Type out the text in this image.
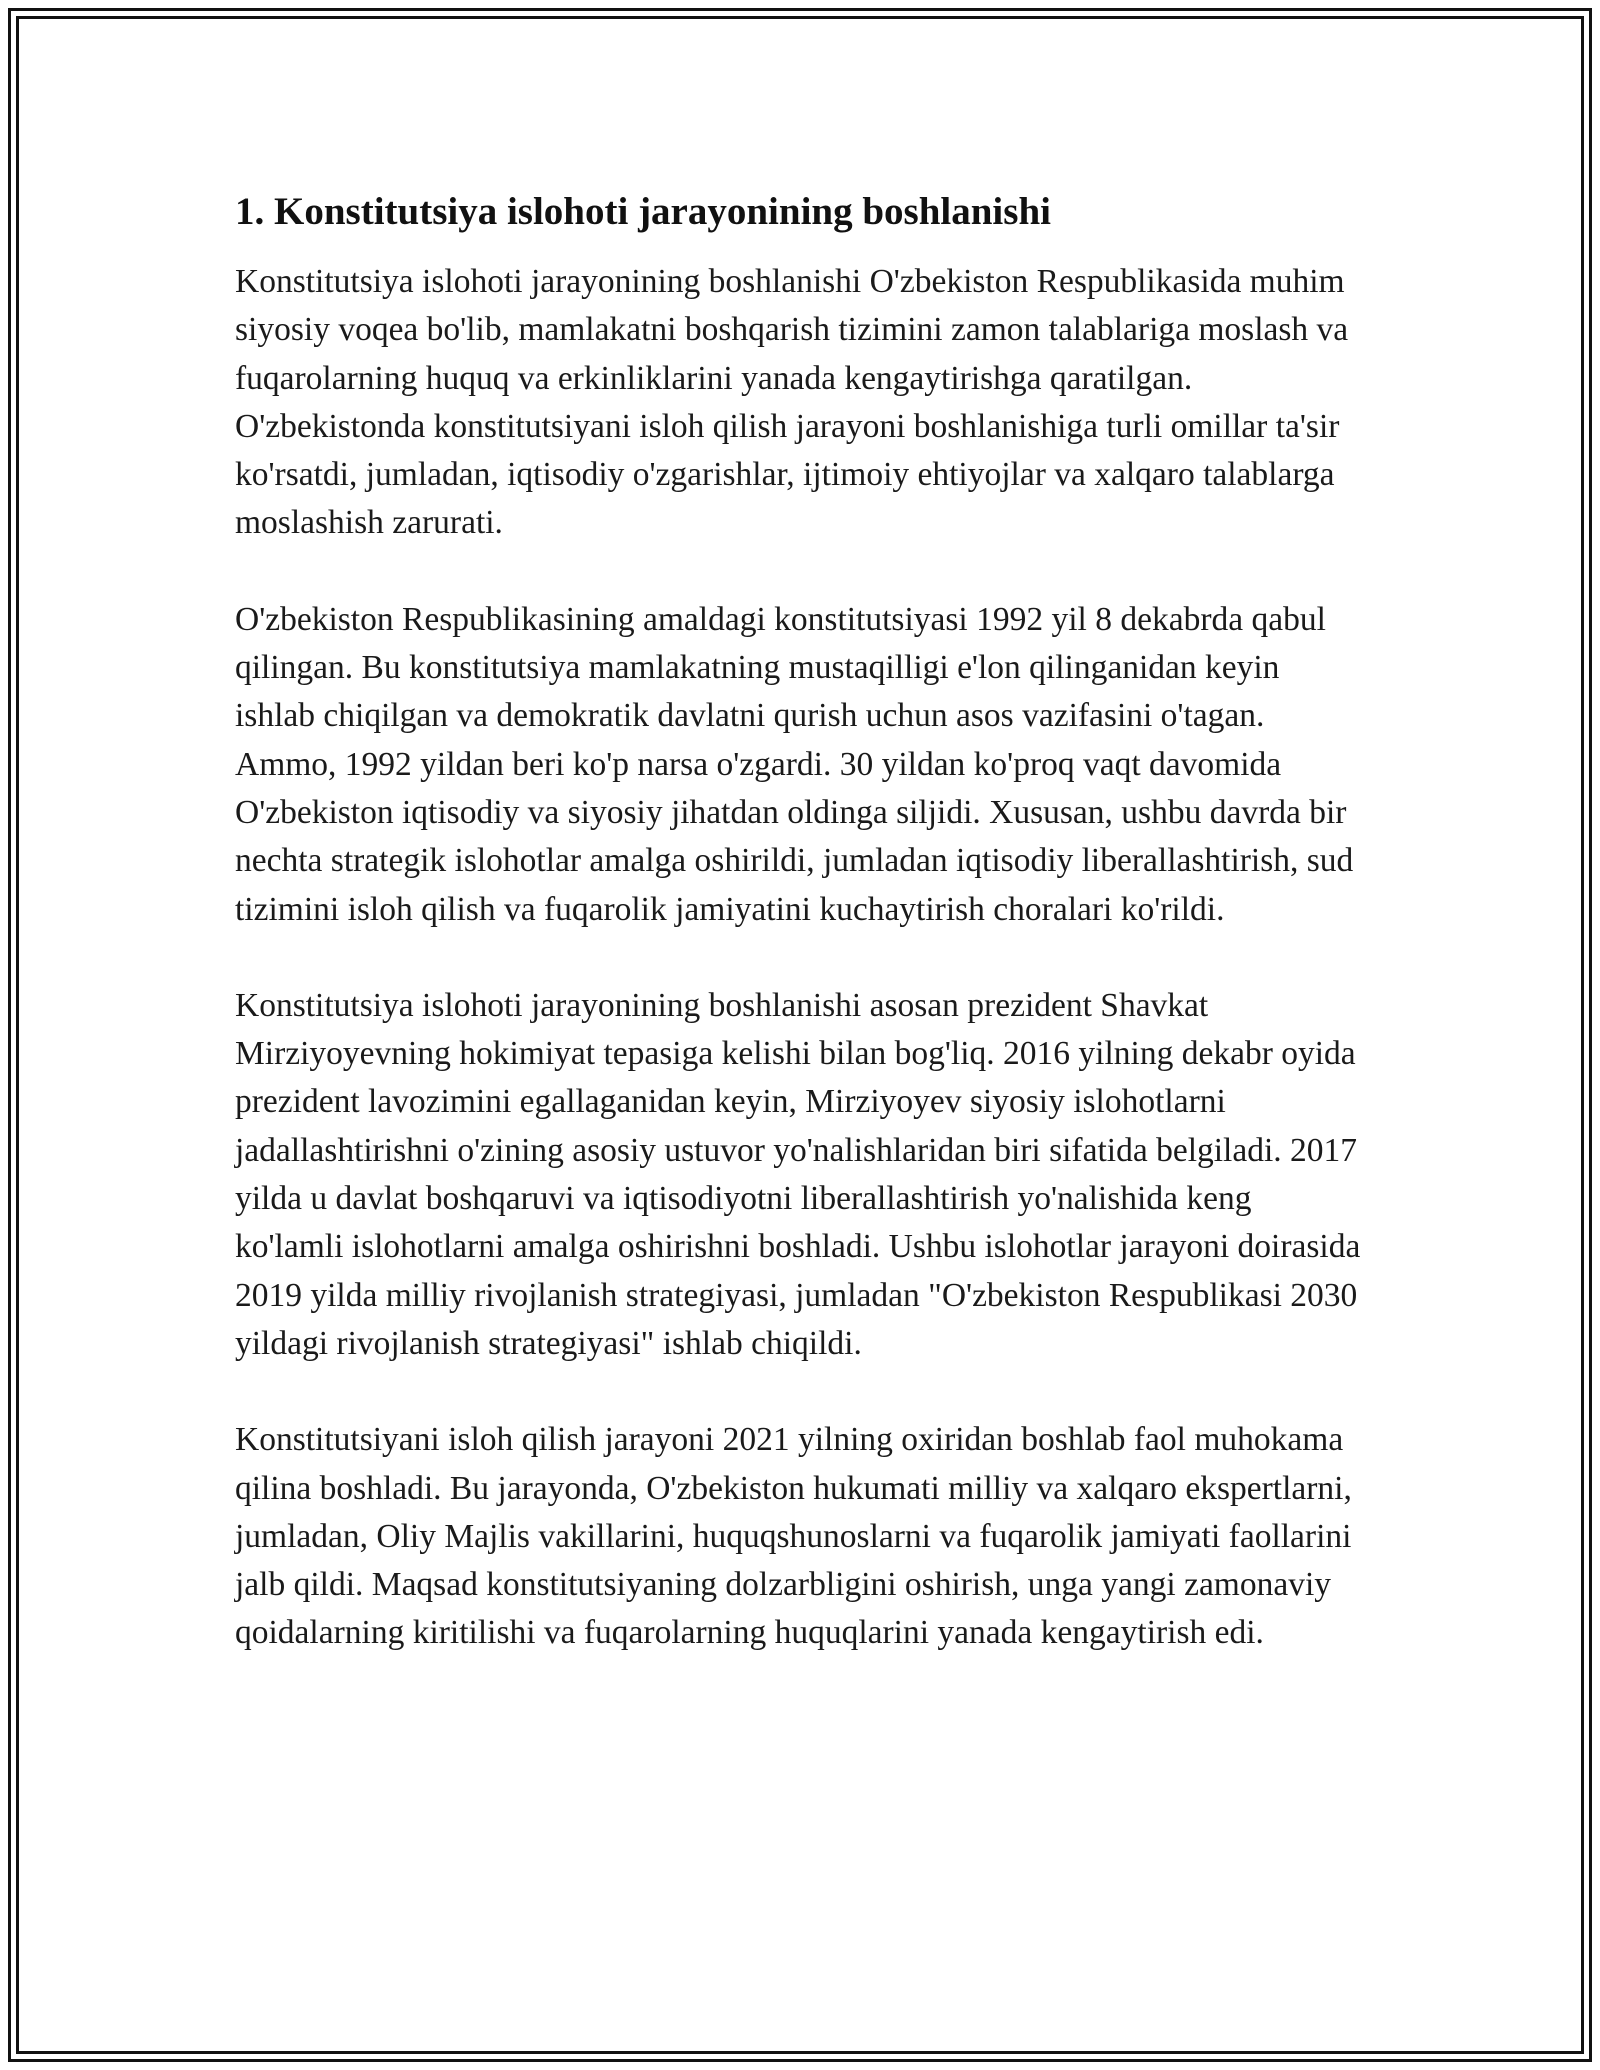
1. Konstitutsiya islohoti jarayonining boshlanishi

Konstitutsiya islohoti jarayonining boshlanishi O'zbekiston Respublikasida muhim siyosiy voqea bo'lib, mamlakatni boshqarish tizimini zamon talablariga moslash va fuqarolarning huquq va erkinliklarini yanada kengaytirishga qaratilgan. O'zbekistonda konstitutsiyani isloh qilish jarayoni boshlanishiga turli omillar ta'sir ko'rsatdi, jumladan, iqtisodiy o'zgarishlar, ijtimoiy ehtiyojlar va xalqaro talablarga moslashish zarurati.

O'zbekiston Respublikasining amaldagi konstitutsiyasi 1992 yil 8 dekabrda qabul qilingan. Bu konstitutsiya mamlakatning mustaqilligi e'lon qilinganidan keyin ishlab chiqilgan va demokratik davlatni qurish uchun asos vazifasini o'tagan. Ammo, 1992 yildan beri ko'p narsa o'zgardi. 30 yildan ko'proq vaqt davomida O'zbekiston iqtisodiy va siyosiy jihatdan oldinga siljidi. Xususan, ushbu davrda bir nechta strategik islohotlar amalga oshirildi, jumladan iqtisodiy liberallashtirish, sud tizimini isloh qilish va fuqarolik jamiyatini kuchaytirish choralari ko'rildi.

Konstitutsiya islohoti jarayonining boshlanishi asosan prezident Shavkat Mirziyoyevning hokimiyat tepasiga kelishi bilan bog'liq. 2016 yilning dekabr oyida prezident lavozimini egallaganidan keyin, Mirziyoyev siyosiy islohotlarni jadallashtirishni o'zining asosiy ustuvor yo'nalishlaridan biri sifatida belgiladi. 2017 yilda u davlat boshqaruvi va iqtisodiyotni liberallashtirish yo'nalishida keng ko'lamli islohotlarni amalga oshirishni boshladi. Ushbu islohotlar jarayoni doirasida 2019 yilda milliy rivojlanish strategiyasi, jumladan "O'zbekiston Respublikasi 2030 yildagi rivojlanish strategiyasi" ishlab chiqildi.

Konstitutsiyani isloh qilish jarayoni 2021 yilning oxiridan boshlab faol muhokama qilina boshladi. Bu jarayonda, O'zbekiston hukumati milliy va xalqaro ekspertlarni, jumladan, Oliy Majlis vakillarini, huquqshunoslarni va fuqarolik jamiyati faollarini jalb qildi. Maqsad konstitutsiyaning dolzarbligini oshirish, unga yangi zamonaviy qoidalarning kiritilishi va fuqarolarning huquqlarini yanada kengaytirish edi.
